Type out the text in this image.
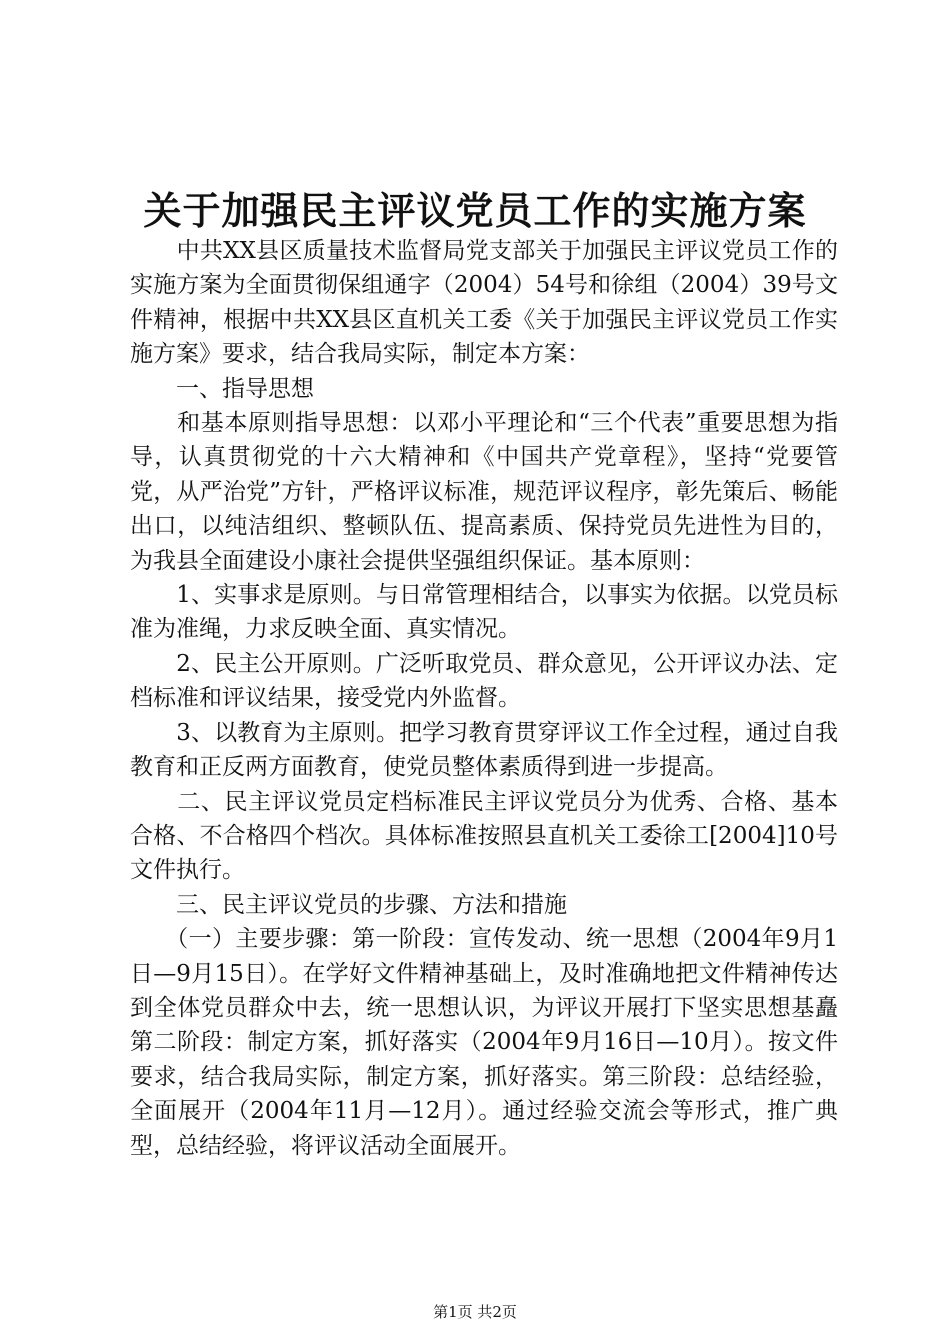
关于加强民主评议党员工作的实施方案

　　中共XX县区质量技术监督局党支部关于加强民主评议党员工作的实施方案为全面贯彻保组通字（2004）54号和徐组（2004）39号文件精神，根据中共XX县区直机关工委《关于加强民主评议党员工作实施方案》要求，结合我局实际，制定本方案：

　　一、指导思想

　　和基本原则指导思想：以邓小平理论和“三个代表”重要思想为指导，认真贯彻党的十六大精神和《中国共产党章程》，坚持“党要管党，从严治党”方针，严格评议标准，规范评议程序，彰先策后、畅能出口，以纯洁组织、整顿队伍、提高素质、保持党员先进性为目的，为我县全面建设小康社会提供坚强组织保证。基本原则：

　　1、实事求是原则。与日常管理相结合，以事实为依据。以党员标准为准绳，力求反映全面、真实情况。

　　2、民主公开原则。广泛听取党员、群众意见，公开评议办法、定档标准和评议结果，接受党内外监督。

　　3、以教育为主原则。把学习教育贯穿评议工作全过程，通过自我教育和正反两方面教育，使党员整体素质得到进一步提高。

　　二、民主评议党员定档标准民主评议党员分为优秀、合格、基本合格、不合格四个档次。具体标准按照县直机关工委徐工[2004]10号文件执行。

　　三、民主评议党员的步骤、方法和措施

　　（一）主要步骤：第一阶段：宣传发动、统一思想（2004年9月1日—9月15日）。在学好文件精神基础上，及时准确地把文件精神传达到全体党员群众中去，统一思想认识，为评议开展打下坚实思想基矗第二阶段：制定方案，抓好落实（2004年9月16日—10月）。按文件要求，结合我局实际，制定方案，抓好落实。第三阶段：总结经验，全面展开（2004年11月—12月）。通过经验交流会等形式，推广典型，总结经验，将评议活动全面展开。

第1页 共2页
